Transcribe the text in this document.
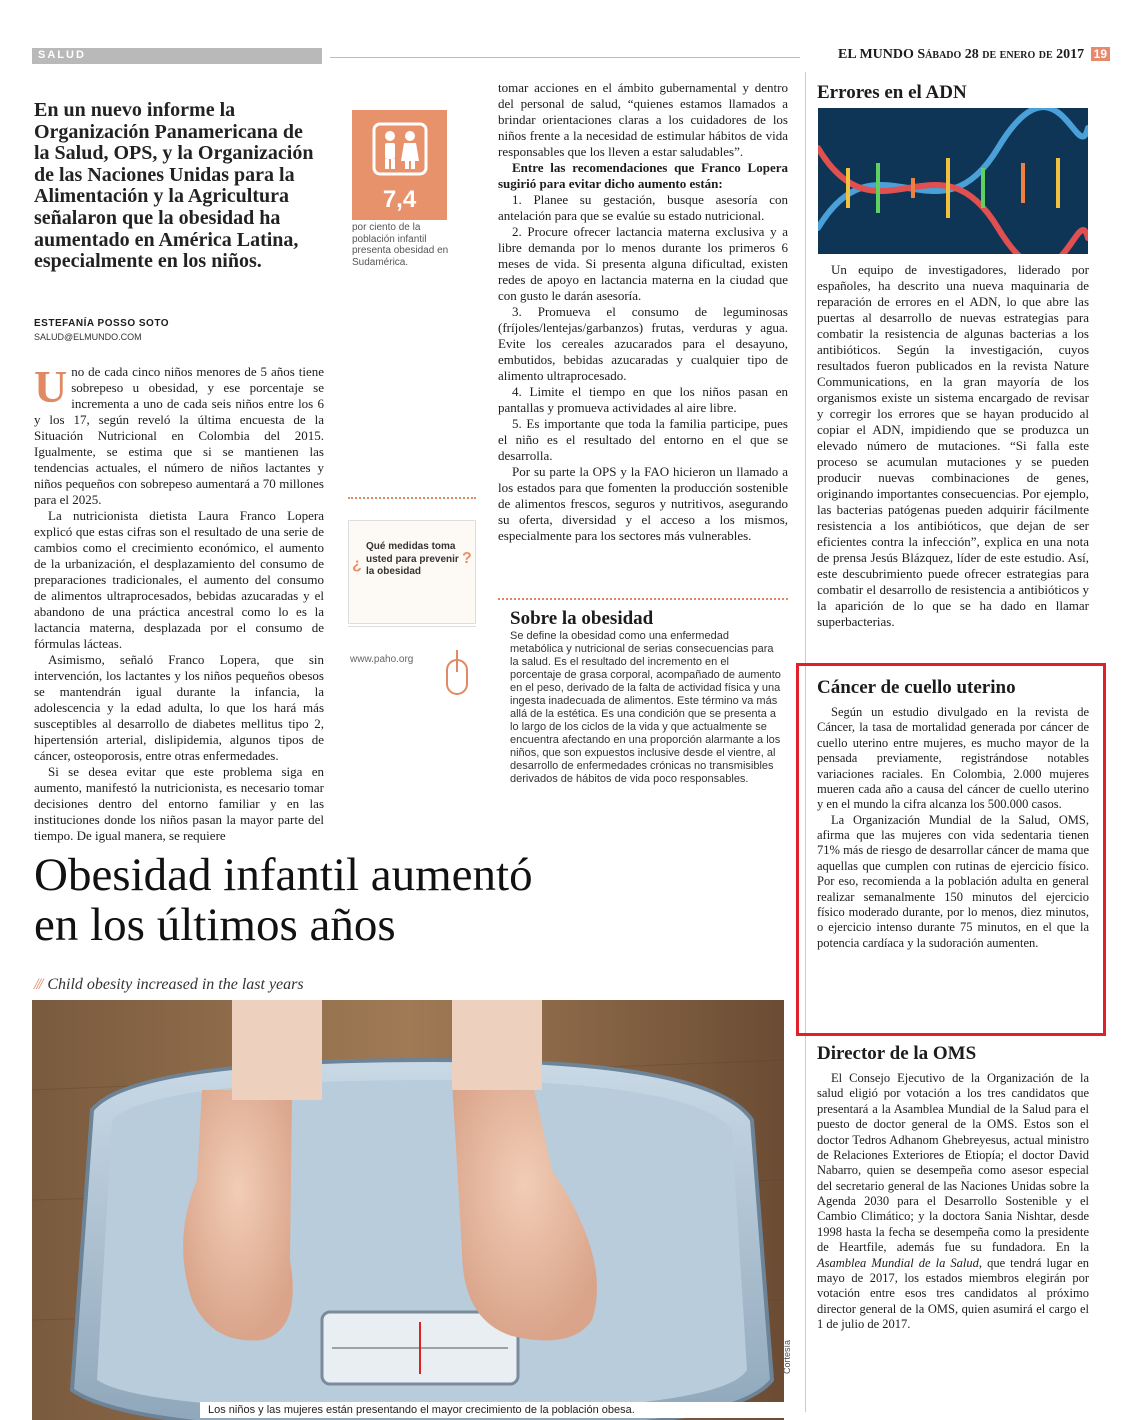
SALUD	EL MUNDO Sábado 28 de enero de 2017 19
En un nuevo informe la Organización Panamericana de la Salud, OPS, y la Organización de las Naciones Unidas para la Alimentación y la Agricultura señalaron que la obesidad ha aumentado en América Latina, especialmente en los niños.
ESTEFANÍA POSSO SOTO
SALUD@ELMUNDO.COM

Uno de cada cinco niños menores de 5 años tiene sobrepeso u obesidad, y ese porcentaje se incrementa a uno de cada seis niños entre los 6 y los 17, según reveló la última encuesta de la Situación Nutricional en Colombia del 2015. Igualmente, se estima que si se mantienen las tendencias actuales, el número de niños lactantes y niños pequeños con sobrepeso aumentará a 70 millones para el 2025.

La nutricionista dietista Laura Franco Lopera explicó que estas cifras son el resultado de una serie de cambios como el crecimiento económico, el aumento de la urbanización, el desplazamiento del consumo de preparaciones tradicionales, el aumento del consumo de alimentos ultraprocesados, bebidas azucaradas y el abandono de una práctica ancestral como lo es la lactancia materna, desplazada por el consumo de fórmulas lácteas.

Asimismo, señaló Franco Lopera, que sin intervención, los lactantes y los niños pequeños obesos se mantendrán igual durante la infancia, la adolescencia y la edad adulta, lo que los hará más susceptibles al desarrollo de diabetes mellitus tipo 2, hipertensión arterial, dislipidemia, algunos tipos de cáncer, osteoporosis, entre otras enfermedades.

Si se desea evitar que este problema siga en aumento, manifestó la nutricionista, es necesario tomar decisiones dentro del entorno familiar y en las instituciones donde los niños pasan la mayor parte del tiempo. De igual manera, se requiere

7,4
por ciento de la población infantil presenta obesidad en Sudamérica.
¿
Qué medidas toma usted para prevenir la obesidad
?
www.paho.org

tomar acciones en el ámbito gubernamental y dentro del personal de salud, “quienes estamos llamados a brindar orientaciones claras a los cuidadores de los niños frente a la necesidad de estimular hábitos de vida responsables que los lleven a estar saludables”.

Entre las recomendaciones que Franco Lopera sugirió para evitar dicho aumento están:

1. Planee su gestación, busque asesoría con antelación para que se evalúe su estado nutricional.

2. Procure ofrecer lactancia materna exclusiva y a libre demanda por lo menos durante los primeros 6 meses de vida. Si presenta alguna dificultad, existen redes de apoyo en lactancia materna en la ciudad que con gusto le darán asesoría.

3. Promueva el consumo de leguminosas (fríjoles/lentejas/garbanzos) frutas, verduras y agua. Evite los cereales azucarados para el desayuno, embutidos, bebidas azucaradas y cualquier tipo de alimento ultraprocesado.

4. Limite el tiempo en que los niños pasan en pantallas y promueva actividades al aire libre.

5. Es importante que toda la familia participe, pues el niño es el resultado del entorno en el que se desarrolla.

Por su parte la OPS y la FAO hicieron un llamado a los estados para que fomenten la producción sostenible de alimentos frescos, seguros y nutritivos, asegurando su oferta, diversidad y el acceso a los mismos, especialmente para los sectores más vulnerables.

Sobre la obesidad
Se define la obesidad como una enfermedad metabólica y nutricional de serias consecuencias para la salud. Es el resultado del incremento en el porcentaje de grasa corporal, acompañado de aumento en el peso, derivado de la falta de actividad física y una ingesta inadecuada de alimentos. Este término va más allá de la estética. Es una condición que se presenta a lo largo de los ciclos de la vida y que actualmente se encuentra afectando en una proporción alarmante a los niños, que son expuestos inclusive desde el vientre, al desarrollo de enfermedades crónicas no transmisibles derivados de hábitos de vida poco responsables.
Obesidad infantil aumentó
en los últimos años
/// Child obesity increased in the last years
Los niños y las mujeres están presentando el mayor crecimiento de la población obesa.
Cortesía
Errores en el ADN

Un equipo de investigadores, liderado por españoles, ha descrito una nueva maquinaria de reparación de errores en el ADN, lo que abre las puertas al desarrollo de nuevas estrategias para combatir la resistencia de algunas bacterias a los antibióticos. Según la investigación, cuyos resultados fueron publicados en la revista Nature Communications, en la gran mayoría de los organismos existe un sistema encargado de revisar y corregir los errores que se hayan producido al copiar el ADN, impidiendo que se produzca un elevado número de mutaciones. “Si falla este proceso se acumulan mutaciones y se pueden producir nuevas combinaciones de genes, originando importantes consecuencias. Por ejemplo, las bacterias patógenas pueden adquirir fácilmente resistencia a los antibióticos, que dejan de ser eficientes contra la infección”, explica en una nota de prensa Jesús Blázquez, líder de este estudio. Así, este descubrimiento puede ofrecer estrategias para combatir el desarrollo de resistencia a antibióticos y la aparición de lo que se ha dado en llamar superbacterias.

Cáncer de cuello uterino

Según un estudio divulgado en la revista de Cáncer, la tasa de mortalidad generada por cáncer de cuello uterino entre mujeres, es mucho mayor de la pensada previamente, registrándose notables variaciones raciales. En Colombia, 2.000 mujeres mueren cada año a causa del cáncer de cuello uterino y en el mundo la cifra alcanza los 500.000 casos.

La Organización Mundial de la Salud, OMS, afirma que las mujeres con vida sedentaria tienen 71% más de riesgo de desarrollar cáncer de mama que aquellas que cumplen con rutinas de ejercicio físico. Por eso, recomienda a la población adulta en general realizar semanalmente 150 minutos del ejercicio físico moderado durante, por lo menos, diez minutos, o ejercicio intenso durante 75 minutos, en el que la potencia cardíaca y la sudoración aumenten.

Director de la OMS

El Consejo Ejecutivo de la Organización de la salud eligió por votación a los tres candidatos que presentará a la Asamblea Mundial de la Salud para el puesto de doctor general de la OMS. Estos son el doctor Tedros Adhanom Ghebreyesus, actual ministro de Relaciones Exteriores de Etiopía; el doctor David Nabarro, quien se desempeña como asesor especial del secretario general de las Naciones Unidas sobre la Agenda 2030 para el Desarrollo Sostenible y el Cambio Climático; y la doctora Sania Nishtar, desde 1998 hasta la fecha se desempeña como la presidente de Heartfile, además fue su fundadora. En la Asamblea Mundial de la Salud, que tendrá lugar en mayo de 2017, los estados miembros elegirán por votación entre esos tres candidatos al próximo director general de la OMS, quien asumirá el cargo el 1 de julio de 2017.
